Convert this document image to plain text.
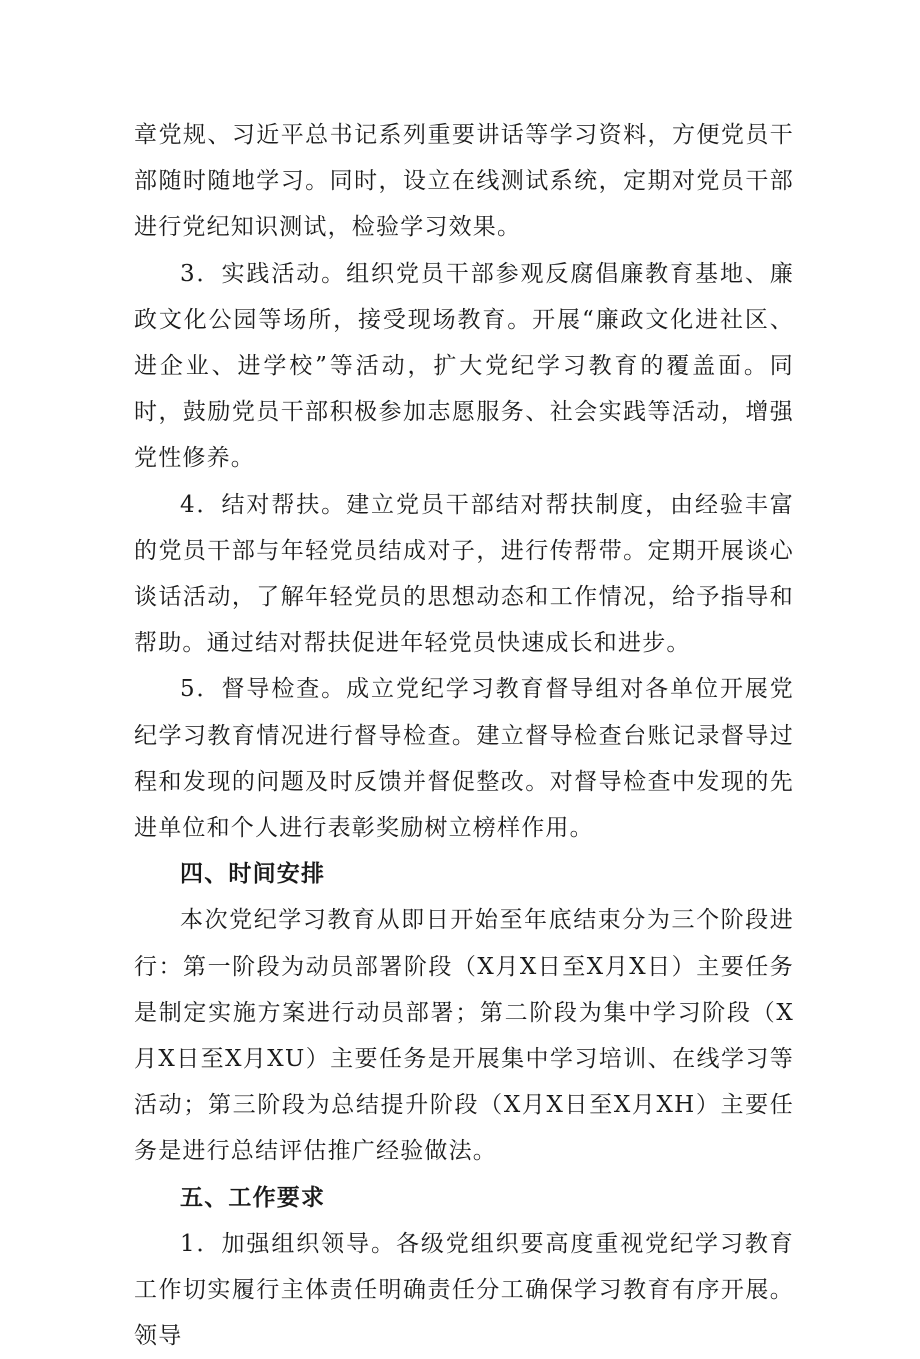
章党规、习近平总书记系列重要讲话等学习资料，方便党员干部随时随地学习。同时，设立在线测试系统，定期对党员干部进行党纪知识测试，检验学习效果。

3．实践活动。组织党员干部参观反腐倡廉教育基地、廉政文化公园等场所，接受现场教育。开展“廉政文化进社区、进企业、进学校”等活动，扩大党纪学习教育的覆盖面。同时，鼓励党员干部积极参加志愿服务、社会实践等活动，增强党性修养。

4．结对帮扶。建立党员干部结对帮扶制度，由经验丰富的党员干部与年轻党员结成对子，进行传帮带。定期开展谈心谈话活动，了解年轻党员的思想动态和工作情况，给予指导和帮助。通过结对帮扶促进年轻党员快速成长和进步。

5．督导检查。成立党纪学习教育督导组对各单位开展党纪学习教育情况进行督导检查。建立督导检查台账记录督导过程和发现的问题及时反馈并督促整改。对督导检查中发现的先进单位和个人进行表彰奖励树立榜样作用。

四、时间安排

本次党纪学习教育从即日开始至年底结束分为三个阶段进行：第一阶段为动员部署阶段（X月X日至X月X日）主要任务是制定实施方案进行动员部署；第二阶段为集中学习阶段（X月X日至X月XU）主要任务是开展集中学习培训、在线学习等活动；第三阶段为总结提升阶段（X月X日至X月XH）主要任务是进行总结评估推广经验做法。

五、工作要求

1．加强组织领导。各级党组织要高度重视党纪学习教育工作切实履行主体责任明确责任分工确保学习教育有序开展。领导
